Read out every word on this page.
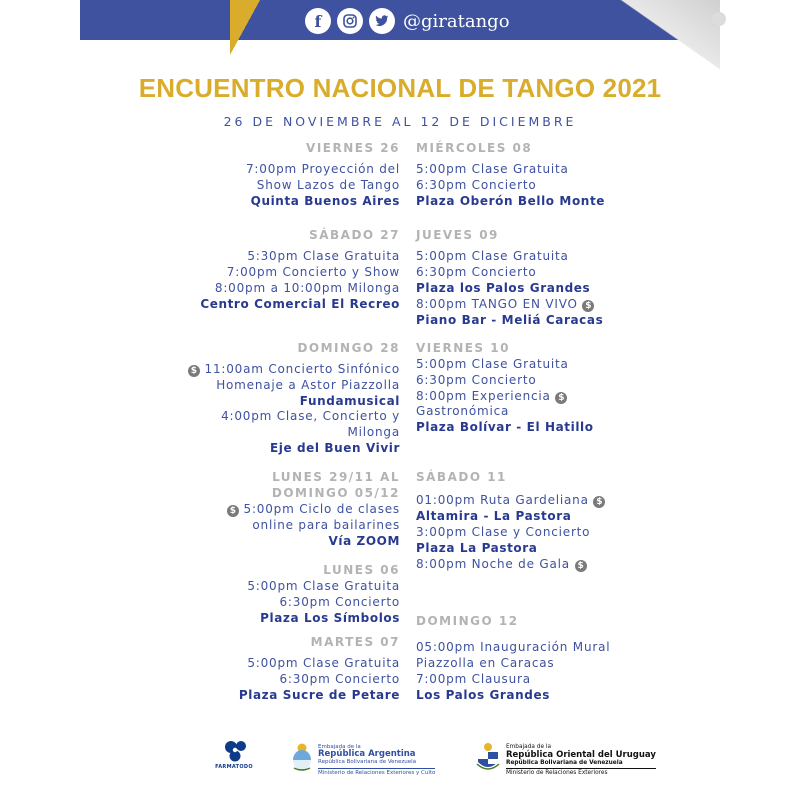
f	@giratango
ENCUENTRO NACIONAL DE TANGO 2021
26 DE NOVIEMBRE AL 12 DE DICIEMBRE
VIERNES 26
7:00pm Proyección del
Show Lazos de Tango
Quinta Buenos Aires
SÁBADO 27
5:30pm Clase Gratuita
7:00pm Concierto y Show
8:00pm a 10:00pm Milonga
Centro Comercial El Recreo
DOMINGO 28
$ 11:00am Concierto Sinfónico
Homenaje a Astor Piazzolla
Fundamusical
4:00pm Clase, Concierto y
Milonga
Eje del Buen Vivir
LUNES 29/11 AL
DOMINGO 05/12
$ 5:00pm Ciclo de clases
online para bailarines
Vía ZOOM
LUNES 06
5:00pm Clase Gratuita
6:30pm Concierto
Plaza Los Símbolos
MARTES 07
5:00pm Clase Gratuita
6:30pm Concierto
Plaza Sucre de Petare
MIÉRCOLES 08
5:00pm Clase Gratuita
6:30pm Concierto
Plaza Oberón Bello Monte
JUEVES 09
5:00pm Clase Gratuita
6:30pm Concierto
Plaza los Palos Grandes
8:00pm TANGO EN VIVO $
Piano Bar - Meliá Caracas
VIERNES 10
5:00pm Clase Gratuita
6:30pm Concierto
8:00pm Experiencia $
Gastronómica
Plaza Bolívar - El Hatillo
SÁBADO 11
01:00pm Ruta Gardeliana $
Altamira - La Pastora
3:00pm Clase y Concierto
Plaza La Pastora
8:00pm Noche de Gala $
DOMINGO 12
05:00pm Inauguración Mural
Piazzolla en Caracas
7:00pm Clausura
Los Palos Grandes
FARMATODO
Embajada de la
República Argentina
República Bolivariana de Venezuela
Ministerio de Relaciones Exteriores y Culto
Embajada de la
República Oriental del Uruguay
República Bolivariana de Venezuela
Ministerio de Relaciones Exteriores
